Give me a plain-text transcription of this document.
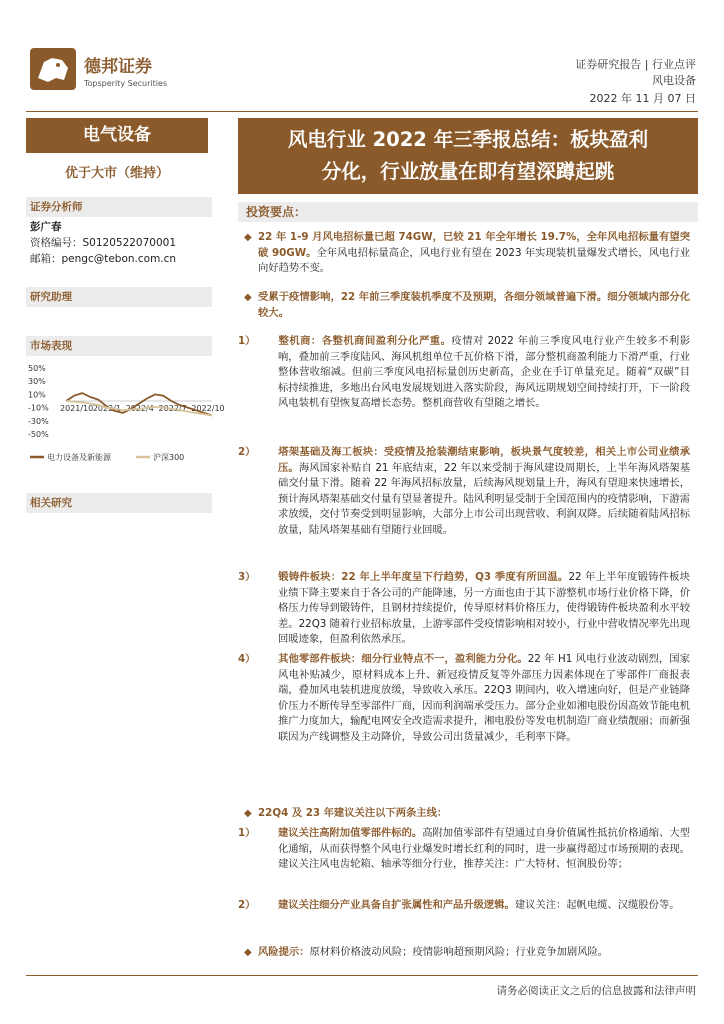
德邦证券
Topsperity Securities
证券研究报告 | 行业点评
风电设备
2022 年 11 月 07 日
电气设备
优于大市（维持）
证券分析师
彭广春
资格编号：S0120522070001
邮箱：pengc@tebon.com.cn
研究助理
市场表现
50%
30%
10%
-10%
-30%
-50%
2021/10 2022/1 2022/4 2022/7 2022/10
电力设备及新能源	沪深300
相关研究
风电行业 2022 年三季报总结：板块盈利
分化，行业放量在即有望深蹲起跳
投资要点：
◆ 22 年 1-9 月风电招标量已超 74GW，已较 21 年全年增长 19.7%，全年风电招标量有望突破 90GW。全年风电招标量高企，风电行业有望在 2023 年实现装机量爆发式增长，风电行业向好趋势不变。
◆ 受累于疫情影响，22 年前三季度装机季度不及预期，各细分领域普遍下滑。细分领域内部分化较大。
1） 整机商：各整机商间盈利分化严重。疫情对 2022 年前三季度风电行业产生较多不利影响，叠加前三季度陆风、海风机组单位千瓦价格下滑，部分整机商盈利能力下滑严重，行业整体营收缩减。但前三季度风电招标量创历史新高，企业在手订单量充足。随着“双碳”目标持续推进，多地出台风电发展规划进入落实阶段，海风远期规划空间持续打开，下一阶段风电装机有望恢复高增长态势。整机商营收有望随之增长。
2） 塔架基础及海工板块：受疫情及抢装潮结束影响，板块景气度较差，相关上市公司业绩承压。海风国家补贴自 21 年底结束，22 年以来受制于海风建设周期长，上半年海风塔架基础交付量下滑。随着 22 年海风招标放量，后续海风规划量上升，海风有望迎来快速增长，预计海风塔架基础交付量有望显著提升。陆风利明显受制于全国范围内的疫情影响，下游需求放缓，交付节奏受到明显影响，大部分上市公司出现营收、利润双降。后续随着陆风招标放量，陆风塔架基础有望随行业回暖。
3） 锻铸件板块：22 年上半年度呈下行趋势，Q3 季度有所回温。22 年上半年度锻铸件板块业绩下降主要来自于各公司的产能降速，另一方面也由于其下游整机市场行业价格下降，价格压力传导到锻铸件，且钢材持续提价，传导原材料价格压力，使得锻铸件板块盈利水平较差。22Q3 随着行业招标放量，上游零部件受疫情影响相对较小，行业中营收情况率先出现回暖迹象，但盈利依然承压。
4） 其他零部件板块：细分行业特点不一，盈利能力分化。22 年 H1 风电行业波动剧烈，国家风电补贴减少，原材料成本上升、新冠疫情反复等外部压力因素体现在了零部件厂商报表端，叠加风电装机进度放缓，导致收入承压。22Q3 期间内，收入增速向好，但是产业链降价压力不断传导至零部件厂商，因而利润端承受压力。部分企业如湘电股份因高效节能电机推广力度加大，输配电网安全改造需求提升，湘电股份等发电机制造厂商业绩靓丽；而新强联因为产线调整及主动降价，导致公司出货量减少，毛利率下降。
◆ 22Q4 及 23 年建议关注以下两条主线：
1） 建议关注高附加值零部件标的。高附加值零部件有望通过自身价值属性抵抗价格通缩、大型化通缩，从而获得整个风电行业爆发时增长红利的同时，进一步赢得超过市场预期的表现。建议关注风电齿轮箱、轴承等细分行业，推荐关注：广大特材、恒润股份等；
2） 建议关注细分产业具备自扩张属性和产品升级逻辑。建议关注：起帆电缆、汉缆股份等。
◆ 风险提示：原材料价格波动风险；疫情影响超预期风险；行业竞争加剧风险。
请务必阅读正文之后的信息披露和法律声明
